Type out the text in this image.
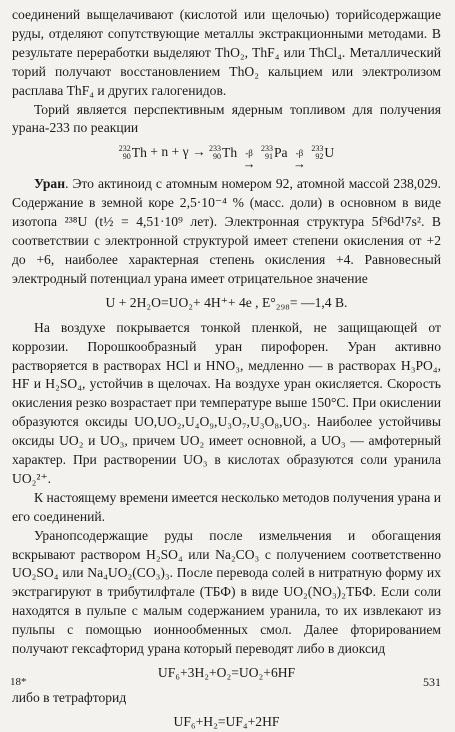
соединений выщелачивают (кислотой или щелочью) торийсодержащие руды, отделяют сопутствующие металлы экстракционными методами. В результате переработки выделяют ThO₂, ThF₄ или ThCl₄. Металлический торий получают восстановлением ThO₂ кальцием или электролизом расплава ThF₄ и других галогенидов.

Торий является перспективным ядерным топливом для получения урана-233 по реакции

232
90 Th + n + γ → 233
90 Th
-β
→

233
91 Pa
-β
→

233
92 U

Уран. Это актиноид с атомным номером 92, атомной массой 238,029. Содержание в земной коре 2,5·10⁻⁴ % (масс. доли) в основном в виде изотопа ²³⁸U (t½ = 4,51·10⁹ лет). Электронная структура 5f³6d¹7s². В соответствии с электронной структурой имеет степени окисления от +2 до +6, наиболее характерная степень окисления +4. Равновесный электродный потенциал урана имеет отрицательное значение

U + 2H₂O=UO₂+ 4H⁺+ 4e , E°₂₉₈= —1,4 В.

На воздухе покрывается тонкой пленкой, не защищающей от коррозии. Порошкообразный уран пирофорен. Уран активно растворяется в растворах HCl и HNO₃, медленно — в растворах H₃PO₄, HF и H₂SO₄, устойчив в щелочах. На воздухе уран окисляется. Скорость окисления резко возрастает при температуре выше 150°С. При окислении образуются оксиды UO,UO₂,U₄O₉,U₃O₇,U₃O₈,UO₃. Наиболее устойчивы оксиды UO₂ и UO₃, причем UO₂ имеет основной, а UO₃ — амфотерный характер. При растворении UO₃ в кислотах образуются соли уранила UO₂²⁺.

К настоящему времени имеется несколько методов получения урана и его соединений.

Уранопсодержащие руды после измельчения и обогащения вскрывают раствором H₂SO₄ или Na₂CO₃ с получением соответственно UO₂SO₄ или Na₄UO₂(CO₃)₃. После перевода солей в нитратную форму их экстрагируют в трибутилфтале (ТБФ) в виде UO₂(NO₃)₂ТБФ. Если соли находятся в пульпе с малым содержанием уранила, то их извлекают из пульпы с помощью ионнообменных смол. Далее фторированием получают гексафторид урана который переводят либо в диоксид

UF₆+3H₂+O₂=UO₂+6HF

либо в тетрафторид

UF₆+H₂=UF₄+2HF

18*	531
